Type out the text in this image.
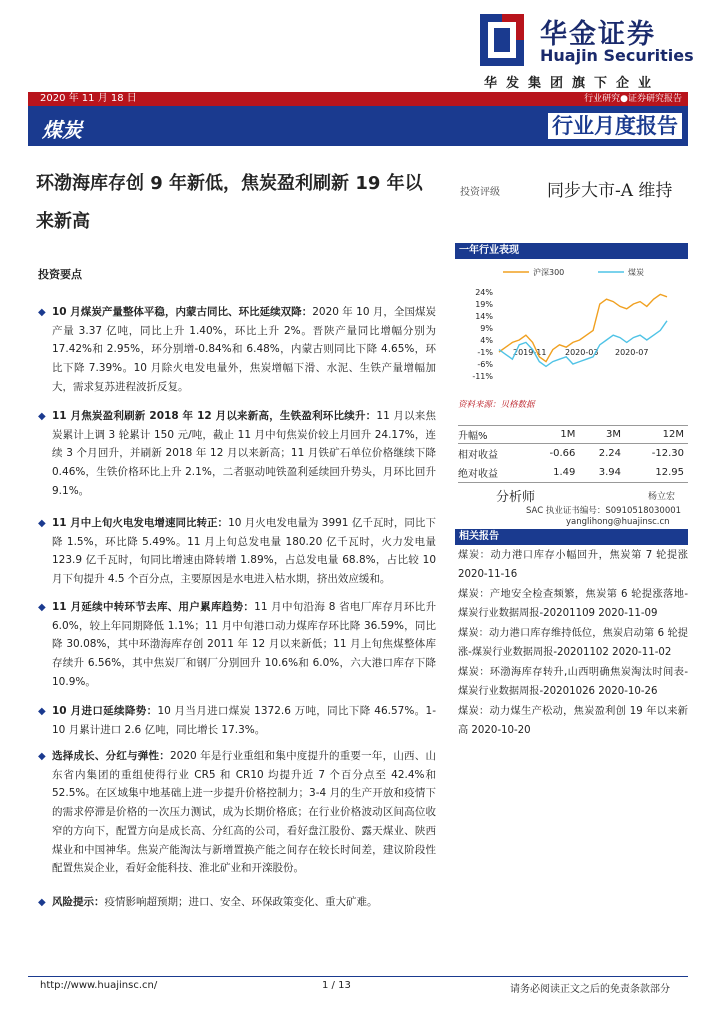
华金证券
Huajin Securities
华发集团旗下企业
2020 年 11 月 18 日	行业研究●证券研究报告
煤炭	行业月度报告
环渤海库存创 9 年新低，焦炭盈利刷新 19 年以来新高
投资评级	同步大市-A 维持
投资要点
◆ 10 月煤炭产量整体平稳，内蒙古同比、环比延续双降：2020 年 10 月，全国煤炭产量 3.37 亿吨，同比上升 1.40%，环比上升 2%。晋陕产量同比增幅分别为 17.42%和 2.95%，环分别增-0.84%和 6.48%，内蒙古则同比下降 4.65%，环比下降 7.39%。10 月除火电发电量外，焦炭增幅下滑、水泥、生铁产量增幅加大，需求复苏进程波折反复。
◆ 11 月焦炭盈利刷新 2018 年 12 月以来新高，生铁盈利环比续升：11 月以来焦炭累计上调 3 轮累计 150 元/吨，截止 11 月中旬焦炭价较上月回升 24.17%，连续 3 个月回升，并刷新 2018 年 12 月以来新高；11 月铁矿石单位价格继续下降 0.46%，生铁价格环比上升 2.1%，二者驱动吨铁盈利延续回升势头，月环比回升 9.1%。
◆ 11 月中上旬火电发电增速同比转正：10 月火电发电量为 3991 亿千瓦时，同比下降 1.5%，环比降 5.49%。11 月上旬总发电量 180.20 亿千瓦时，火力发电量 123.9 亿千瓦时，旬同比增速由降转增 1.89%，占总发电量 68.8%，占比较 10 月下旬提升 4.5 个百分点，主要原因是水电进入枯水期，挤出效应缓和。
◆ 11 月延续中转环节去库、用户累库趋势：11 月中旬沿海 8 省电厂库存月环比升 6.0%，较上年同期降低 1.1%；11 月中旬港口动力煤库存环比降 36.59%，同比降 30.08%，其中环渤海库存创 2011 年 12 月以来新低；11 月上旬焦煤整体库存续升 6.56%，其中焦炭厂和钢厂分别回升 10.6%和 6.0%，六大港口库存下降 10.9%。
◆ 10 月进口延续降势：10 月当月进口煤炭 1372.6 万吨，同比下降 46.57%。1-10 月累计进口 2.6 亿吨，同比增长 17.3%。
◆ 选择成长、分红与弹性：2020 年是行业重组和集中度提升的重要一年，山西、山东省内集团的重组使得行业 CR5 和 CR10 均提升近 7 个百分点至 42.4%和 52.5%。在区域集中地基础上进一步提升价格控制力；3-4 月的生产开放和疫情下的需求停滞是价格的一次压力测试，成为长期价格底；在行业价格波动区间高位收窄的方向下，配置方向是成长高、分红高的公司，看好盘江股份、露天煤业、陕西煤业和中国神华。焦炭产能淘汰与新增置换产能之间存在较长时间差，建议阶段性配置焦炭企业，看好金能科技、淮北矿业和开滦股份。
◆ 风险提示：疫情影响超预期；进口、安全、环保政策变化、重大矿难。
一年行业表现
沪深300	煤炭
24%
19%
14%
9%
4%
-1%
-6%
-11%
2019-11 2020-03 2020-07
资料来源：贝格数据
升幅%	1M	3M	12M
相对收益	-0.66	2.24	-12.30
绝对收益	1.49	3.94	12.95
分析师	杨立宏
SAC 执业证书编号：S0910518030001
yanglihong@huajinsc.cn
相关报告
煤炭：动力港口库存小幅回升，焦炭第 7 轮提涨 2020-11-16
煤炭：产地安全检查频繁，焦炭第 6 轮提涨落地-煤炭行业数据周报-20201109 2020-11-09
煤炭：动力港口库存维持低位，焦炭启动第 6 轮提涨-煤炭行业数据周报-20201102 2020-11-02
煤炭：环渤海库存转升,山西明确焦炭淘汰时间表-煤炭行业数据周报-20201026 2020-10-26
煤炭：动力煤生产松动，焦炭盈利创 19 年以来新高 2020-10-20
http://www.huajinsc.cn/	1 / 13	请务必阅读正文之后的免责条款部分
